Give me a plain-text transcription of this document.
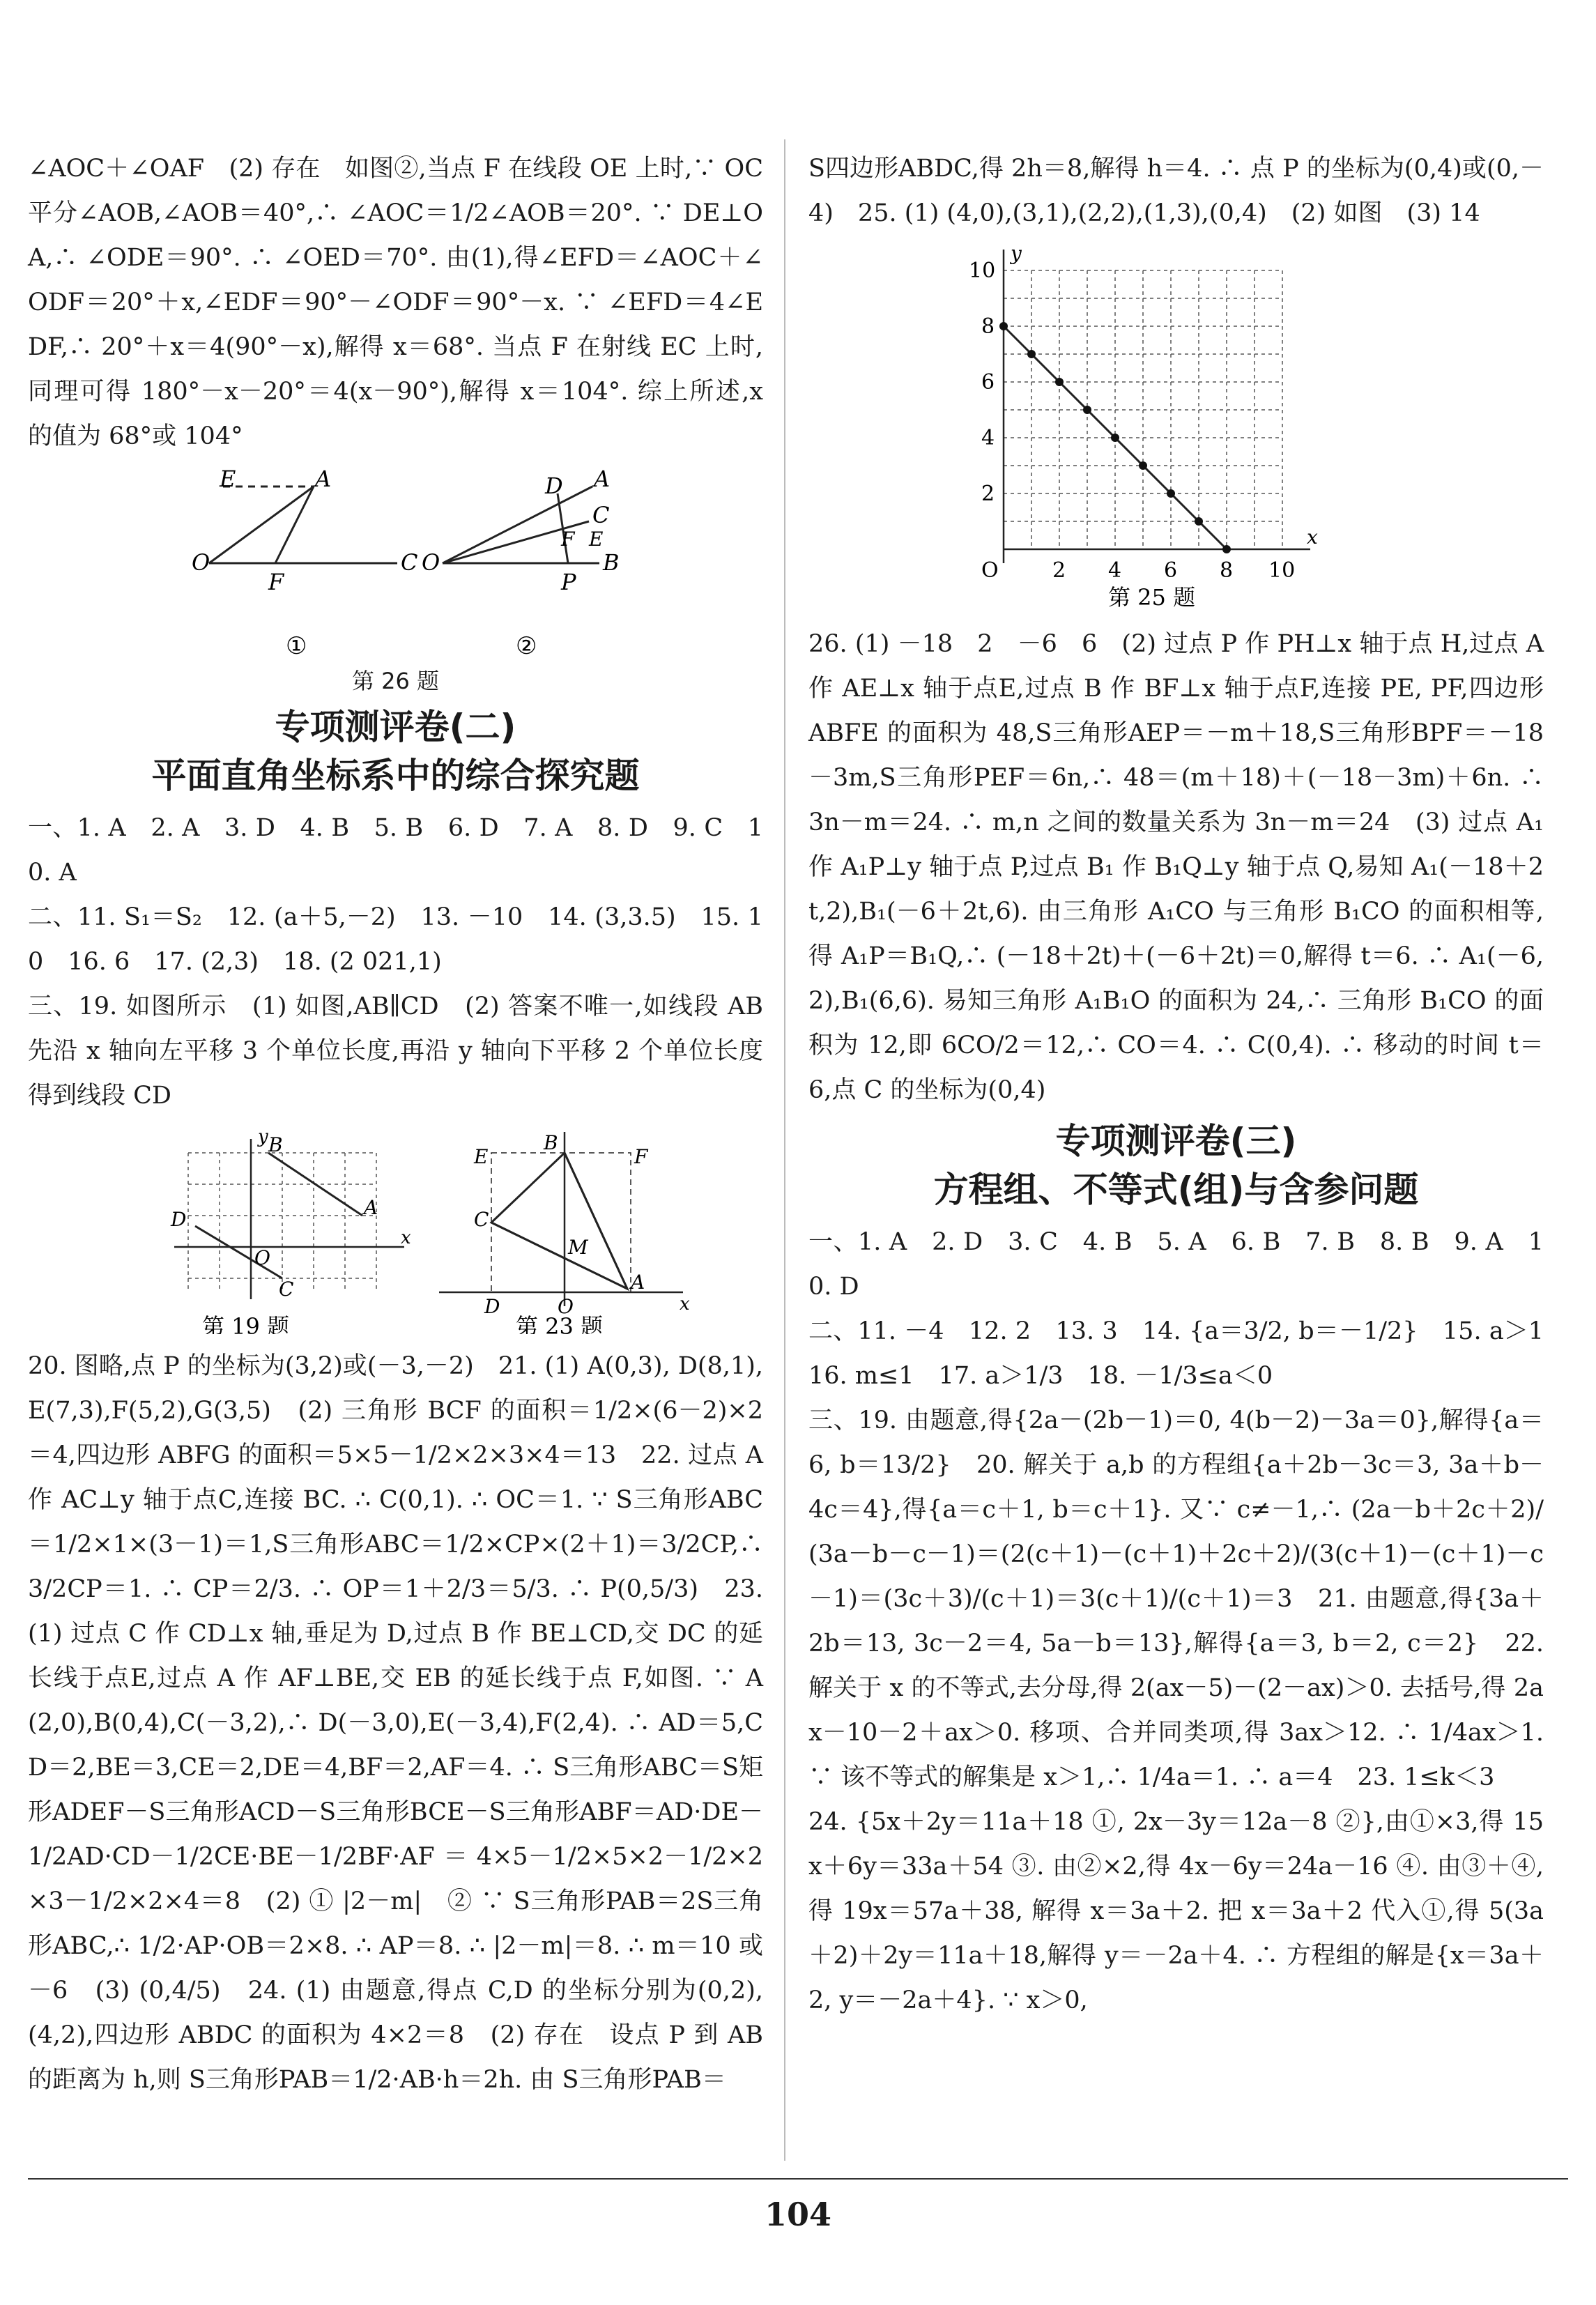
∠AOC＋∠OAF　(2) 存在　如图②,当点 F 在线段 OE 上时,∵ OC 平分∠AOB,∠AOB＝40°,∴ ∠AOC＝1/2∠AOB＝20°. ∵ DE⊥OA,∴ ∠ODE＝90°. ∴ ∠OED＝70°. 由(1),得∠EFD＝∠AOC＋∠ODF＝20°＋x,∠EDF＝90°－∠ODF＝90°－x. ∵ ∠EFD＝4∠EDF,∴ 20°＋x＝4(90°－x),解得 x＝68°. 当点 F 在射线 EC 上时,同理可得 180°－x－20°＝4(x－90°),解得 x＝104°. 综上所述,x 的值为 68°或 104°

O
F
C
E	A
①
O
P
B
C
A
D
F E
②
第 26 题
专项测评卷(二)
平面直角坐标系中的综合探究题

一、1. A　2. A　3. D　4. B　5. B　6. D　7. A　8. D　9. C　10. A

二、11. S₁＝S₂　12. (a＋5,－2)　13. －10　14. (3,3.5)　15. 10　16. 6　17. (2,3)　18. (2 021,1)

三、19. 如图所示　(1) 如图,AB∥CD　(2) 答案不唯一,如线段 AB 先沿 x 轴向左平移 3 个单位长度,再沿 y 轴向下平移 2 个单位长度得到线段 CD

y
x
B
A
D
C
O
第 19 题
E	F
B
C
M
A
D	O	x
第 23 题

20. 图略,点 P 的坐标为(3,2)或(－3,－2)　21. (1) A(0,3), D(8,1),E(7,3),F(5,2),G(3,5)　(2) 三角形 BCF 的面积＝1/2×(6－2)×2＝4,四边形 ABFG 的面积＝5×5－1/2×2×3×4＝13　22. 过点 A 作 AC⊥y 轴于点C,连接 BC. ∴ C(0,1). ∴ OC＝1. ∵ S三角形ABC＝1/2×1×(3－1)＝1,S三角形ABC＝1/2×CP×(2＋1)＝3/2CP,∴ 3/2CP＝1. ∴ CP＝2/3. ∴ OP＝1＋2/3＝5/3. ∴ P(0,5/3)　23. (1) 过点 C 作 CD⊥x 轴,垂足为 D,过点 B 作 BE⊥CD,交 DC 的延长线于点E,过点 A 作 AF⊥BE,交 EB 的延长线于点 F,如图. ∵ A(2,0),B(0,4),C(－3,2),∴ D(－3,0),E(－3,4),F(2,4). ∴ AD＝5,CD＝2,BE＝3,CE＝2,DE＝4,BF＝2,AF＝4. ∴ S三角形ABC＝S矩形ADEF－S三角形ACD－S三角形BCE－S三角形ABF＝AD·DE－1/2AD·CD－1/2CE·BE－1/2BF·AF＝4×5－1/2×5×2－1/2×2×3－1/2×2×4＝8　(2) ① |2－m|　② ∵ S三角形PAB＝2S三角形ABC,∴ 1/2·AP·OB＝2×8. ∴ AP＝8. ∴ |2－m|＝8. ∴ m＝10 或－6　(3) (0,4/5)　24. (1) 由题意,得点 C,D 的坐标分别为(0,2),(4,2),四边形 ABDC 的面积为 4×2＝8　(2) 存在　设点 P 到 AB 的距离为 h,则 S三角形PAB＝1/2·AB·h＝2h. 由 S三角形PAB＝

S四边形ABDC,得 2h＝8,解得 h＝4. ∴ 点 P 的坐标为(0,4)或(0,－4)　25. (1) (4,0),(3,1),(2,2),(1,3),(0,4)　(2) 如图　(3) 14

y
x
10
8
6
4
2
O	2 4 6 8 10
第 25 题

26. (1) －18　2　－6　6　(2) 过点 P 作 PH⊥x 轴于点 H,过点 A 作 AE⊥x 轴于点E,过点 B 作 BF⊥x 轴于点F,连接 PE, PF,四边形 ABFE 的面积为 48,S三角形AEP＝－m＋18,S三角形BPF＝－18－3m,S三角形PEF＝6n,∴ 48＝(m＋18)＋(－18－3m)＋6n. ∴ 3n－m＝24. ∴ m,n 之间的数量关系为 3n－m＝24　(3) 过点 A₁ 作 A₁P⊥y 轴于点 P,过点 B₁ 作 B₁Q⊥y 轴于点 Q,易知 A₁(－18＋2t,2),B₁(－6＋2t,6). 由三角形 A₁CO 与三角形 B₁CO 的面积相等,得 A₁P＝B₁Q,∴ (－18＋2t)＋(－6＋2t)＝0,解得 t＝6. ∴ A₁(－6,2),B₁(6,6). 易知三角形 A₁B₁O 的面积为 24,∴ 三角形 B₁CO 的面积为 12,即 6CO/2＝12,∴ CO＝4. ∴ C(0,4). ∴ 移动的时间 t＝6,点 C 的坐标为(0,4)

专项测评卷(三)
方程组、不等式(组)与含参问题

一、1. A　2. D　3. C　4. B　5. A　6. B　7. B　8. B　9. A　10. D

二、11. －4　12. 2　13. 3　14. {a＝3/2, b＝－1/2}　15. a＞1　16. m≤1　17. a＞1/3　18. －1/3≤a＜0

三、19. 由题意,得{2a－(2b－1)＝0, 4(b－2)－3a＝0},解得{a＝6, b＝13/2}　20. 解关于 a,b 的方程组{a＋2b－3c＝3, 3a＋b－4c＝4},得{a＝c＋1, b＝c＋1}. 又∵ c≠－1,∴ (2a－b＋2c＋2)/(3a－b－c－1)＝(2(c＋1)－(c＋1)＋2c＋2)/(3(c＋1)－(c＋1)－c－1)＝(3c＋3)/(c＋1)＝3(c＋1)/(c＋1)＝3　21. 由题意,得{3a＋2b＝13, 3c－2＝4, 5a－b＝13},解得{a＝3, b＝2, c＝2}　22. 解关于 x 的不等式,去分母,得 2(ax－5)－(2－ax)＞0. 去括号,得 2ax－10－2＋ax＞0. 移项、合并同类项,得 3ax＞12. ∴ 1/4ax＞1. ∵ 该不等式的解集是 x＞1,∴ 1/4a＝1. ∴ a＝4　23. 1≤k＜3

24. {5x＋2y＝11a＋18 ①, 2x－3y＝12a－8 ②},由①×3,得 15x＋6y＝33a＋54 ③. 由②×2,得 4x－6y＝24a－16 ④. 由③＋④,得 19x＝57a＋38, 解得 x＝3a＋2. 把 x＝3a＋2 代入①,得 5(3a＋2)＋2y＝11a＋18,解得 y＝－2a＋4. ∴ 方程组的解是{x＝3a＋2, y＝－2a＋4}. ∵ x＞0,

104
